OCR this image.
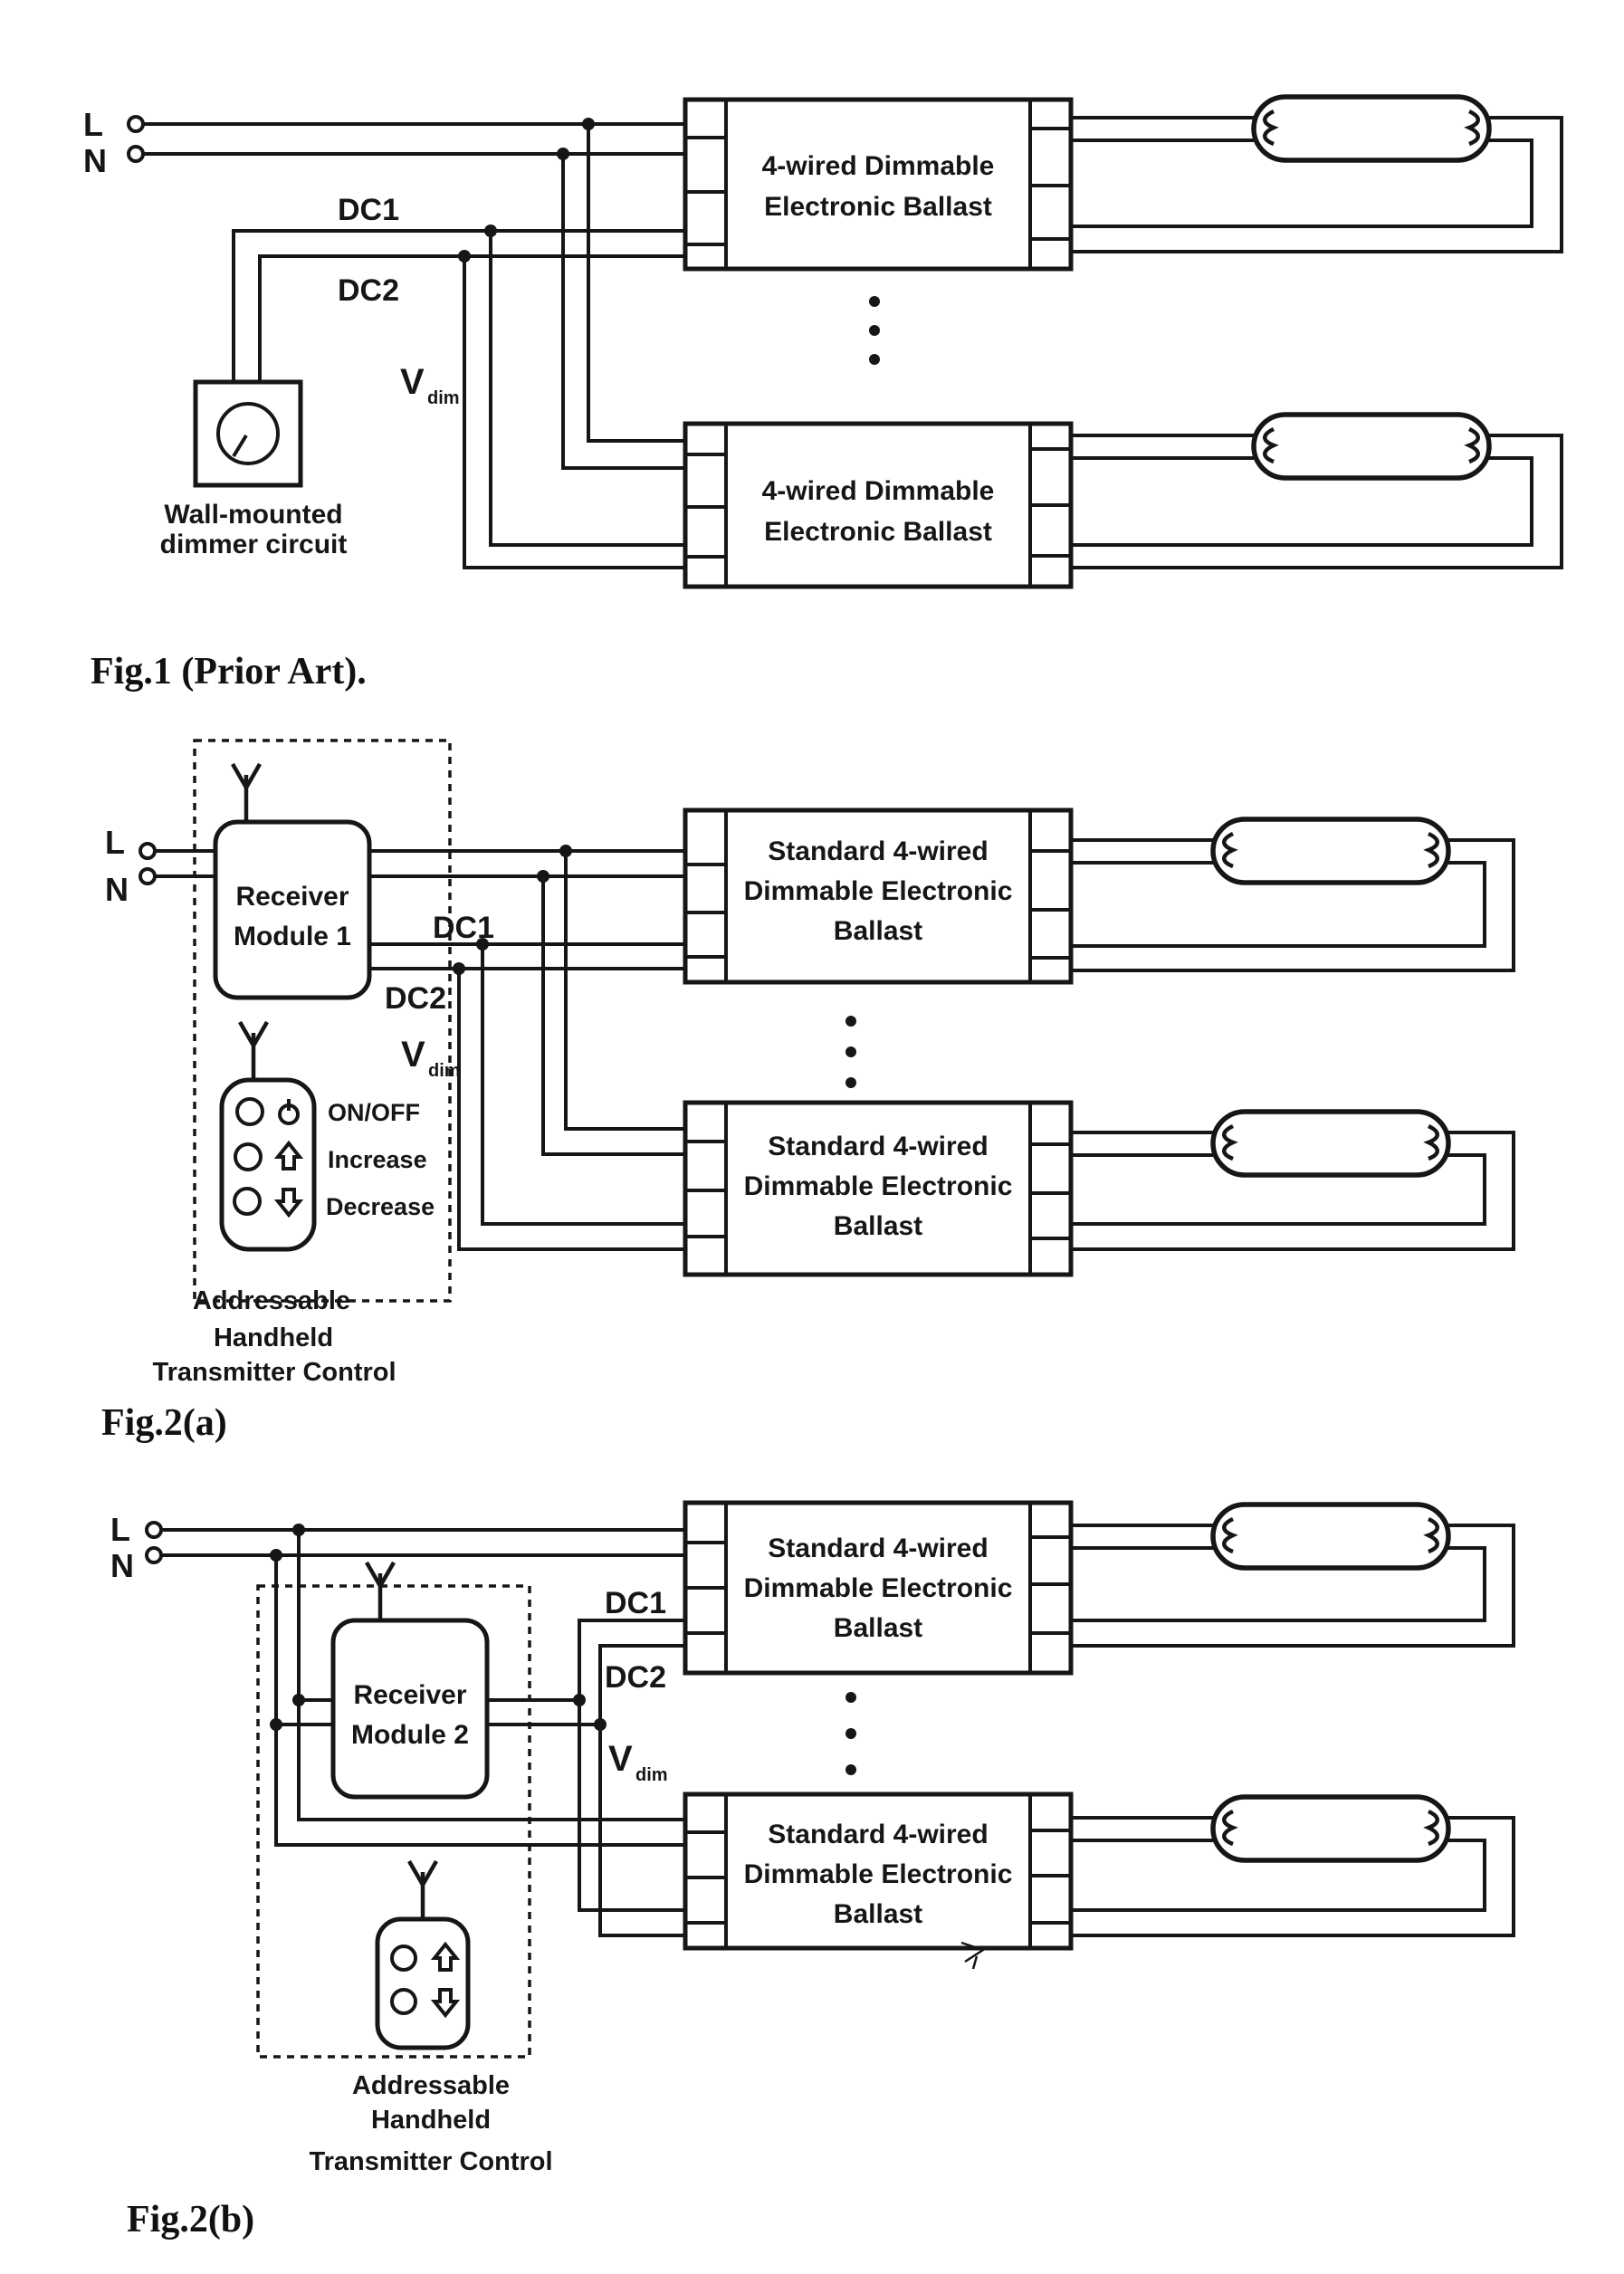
L
N
DC1
DC2
V dim
Wall-mounted
dimmer circuit
4-wired Dimmable
Electronic Ballast
4-wired Dimmable
Electronic Ballast
Fig.1 (Prior Art).
L
N
DC1
DC2
V dim
Receiver
Module 1
ON/OFF
Increase
Decrease
Standard 4-wired
Dimmable Electronic
Ballast
Standard 4-wired
Dimmable Electronic
Ballast
Addressable
Handheld
Transmitter Control
Fig.2(a)
L
N
DC1
DC2
V dim
Receiver
Module 2
Standard 4-wired
Dimmable Electronic
Ballast
Standard 4-wired
Dimmable Electronic
Ballast
Addressable
Handheld
Transmitter Control
Fig.2(b)
